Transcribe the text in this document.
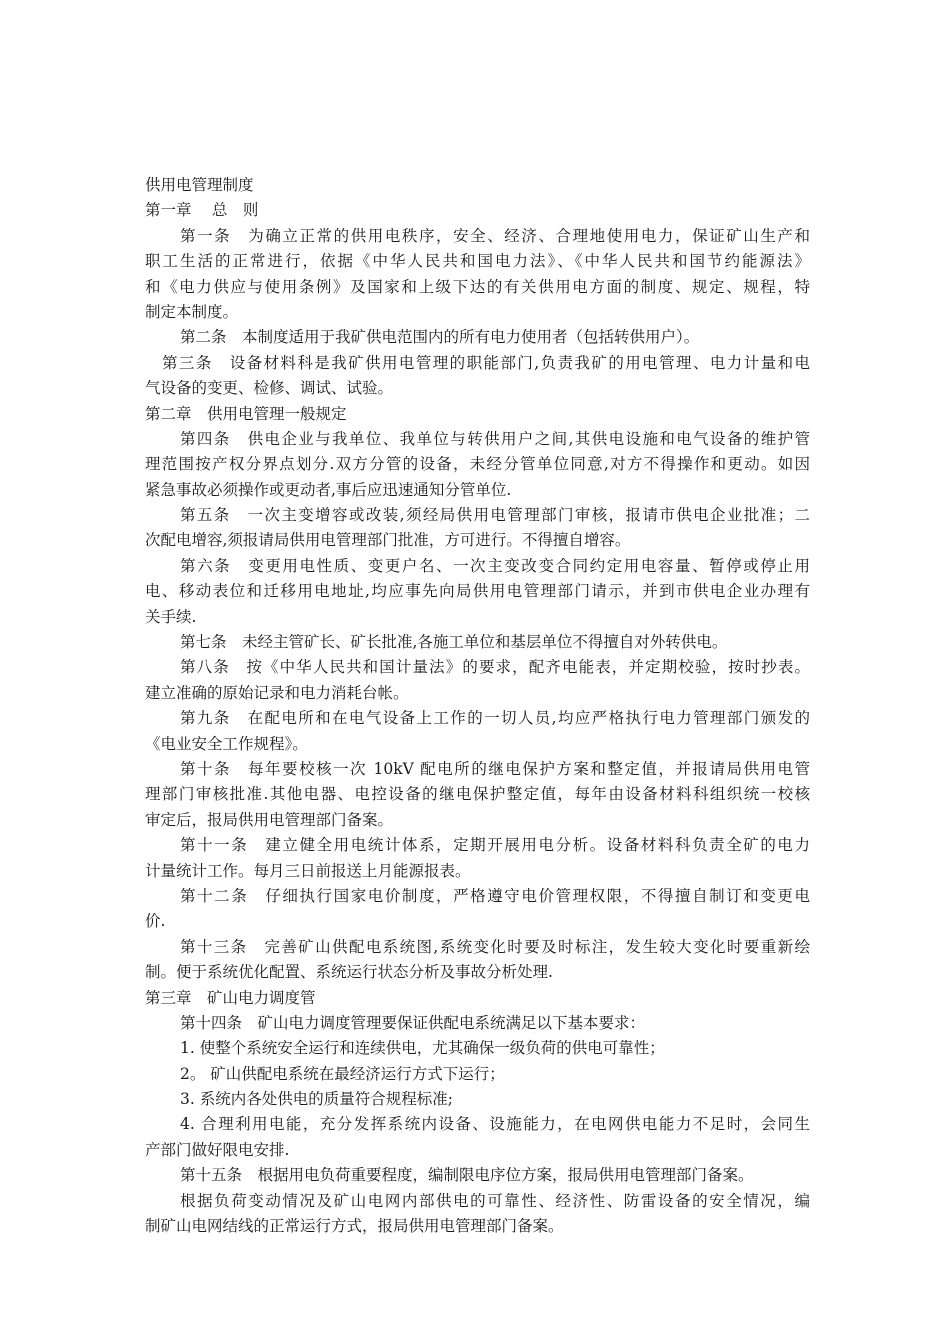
供用电管理制度
第一章　 总　则
第一条　为确立正常的供用电秩序，安全、经济、合理地使用电力，保证矿山生产和
职工生活的正常进行，依据《中华人民共和国电力法》、《中华人民共和国节约能源法》
和《电力供应与使用条例》及国家和上级下达的有关供用电方面的制度、规定、规程，特
制定本制度。
第二条　本制度适用于我矿供电范围内的所有电力使用者（包括转供用户）。
第三条　设备材料科是我矿供用电管理的职能部门,负责我矿的用电管理、电力计量和电
气设备的变更、检修、调试、试验。
第二章　供用电管理一般规定
第四条　供电企业与我单位、我单位与转供用户之间,其供电设施和电气设备的维护管
理范围按产权分界点划分.双方分管的设备，未经分管单位同意,对方不得操作和更动。如因
紧急事故必须操作或更动者,事后应迅速通知分管单位.
第五条　一次主变增容或改装,须经局供用电管理部门审核，报请市供电企业批准；二
次配电增容,须报请局供用电管理部门批准，方可进行。不得擅自增容。
第六条　变更用电性质、变更户名、一次主变改变合同约定用电容量、暂停或停止用
电、移动表位和迁移用电地址,均应事先向局供用电管理部门请示，并到市供电企业办理有
关手续.
第七条　未经主管矿长、矿长批准,各施工单位和基层单位不得擅自对外转供电。
第八条　按《中华人民共和国计量法》的要求，配齐电能表，并定期校验，按时抄表。
建立准确的原始记录和电力消耗台帐。
第九条　在配电所和在电气设备上工作的一切人员,均应严格执行电力管理部门颁发的
《电业安全工作规程》。
第十条　每年要校核一次 10kV 配电所的继电保护方案和整定值，并报请局供用电管
理部门审核批准.其他电器、电控设备的继电保护整定值，每年由设备材料科组织统一校核
审定后，报局供用电管理部门备案。
第十一条　建立健全用电统计体系，定期开展用电分析。设备材料科负责全矿的电力
计量统计工作。每月三日前报送上月能源报表。
第十二条　仔细执行国家电价制度，严格遵守电价管理权限，不得擅自制订和变更电
价.
第十三条　完善矿山供配电系统图,系统变化时要及时标注，发生较大变化时要重新绘
制。便于系统优化配置、系统运行状态分析及事故分析处理.
第三章　矿山电力调度管
第十四条　矿山电力调度管理要保证供配电系统满足以下基本要求：
1. 使整个系统安全运行和连续供电，尤其确保一级负荷的供电可靠性；
2。 矿山供配电系统在最经济运行方式下运行；
3. 系统内各处供电的质量符合规程标准;
4. 合理利用电能，充分发挥系统内设备、设施能力，在电网供电能力不足时，会同生
产部门做好限电安排.
第十五条　根据用电负荷重要程度，编制限电序位方案，报局供用电管理部门备案。
根据负荷变动情况及矿山电网内部供电的可靠性、经济性、防雷设备的安全情况，编
制矿山电网结线的正常运行方式，报局供用电管理部门备案。
